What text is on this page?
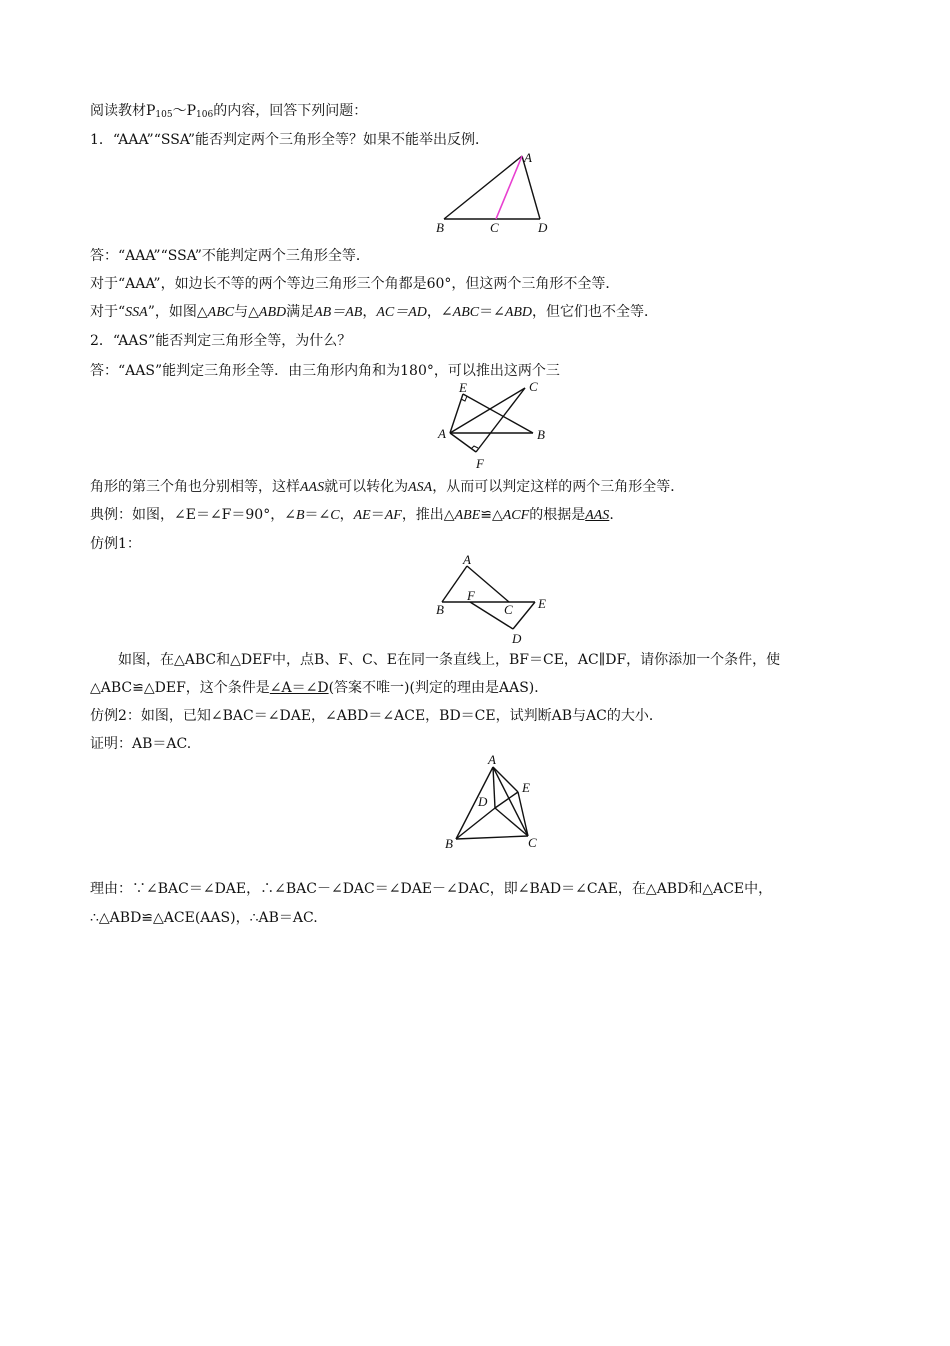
阅读教材$P_{105}\sim P_{106}$的内容，回答下列问题：
1．“AAA”“SSA”能否判定两个三角形全等？如果不能举出反例．
A
B	C	D
答：“AAA”“SSA”不能判定两个三角形全等．
对于“AAA”，如边长不等的两个等边三角形三个角都是60°，但这两个三角形不全等．
对于“SSA”，如图△ABC与△ABD满足AB＝AB，AC＝AD，∠ABC＝∠ABD，但它们也不全等．
2．“AAS”能否判定三角形全等，为什么？
答：“AAS”能判定三角形全等．由三角形内角和为180°，可以推出这两个三
E	C
A	B
F
角形的第三个角也分别相等，这样AAS就可以转化为ASA，从而可以判定这样的两个三角形全等．
典例：如图，∠E＝∠F＝90°，∠B＝∠C，AE＝AF，推出△ABE≌△ACF的根据是AAS.
仿例1：
A
B
F
C E
D
如图，在△ABC和△DEF中，点B、F、C、E在同一条直线上，BF＝CE，AC∥DF，请你添加一个条件，使
△ABC≌△DEF，这个条件是∠A＝∠D(答案不唯一)(判定的理由是AAS)．
仿例2：如图，已知∠BAC＝∠DAE，∠ABD＝∠ACE，BD＝CE，试判断AB与AC的大小．
证明：AB＝AC.
A
E
D
B	C
理由：∵∠BAC＝∠DAE，∴∠BAC－∠DAC＝∠DAE－∠DAC，即∠BAD＝∠CAE，在△ABD和△ACE中，
∴△ABD≌△ACE(AAS)，∴AB＝AC.
